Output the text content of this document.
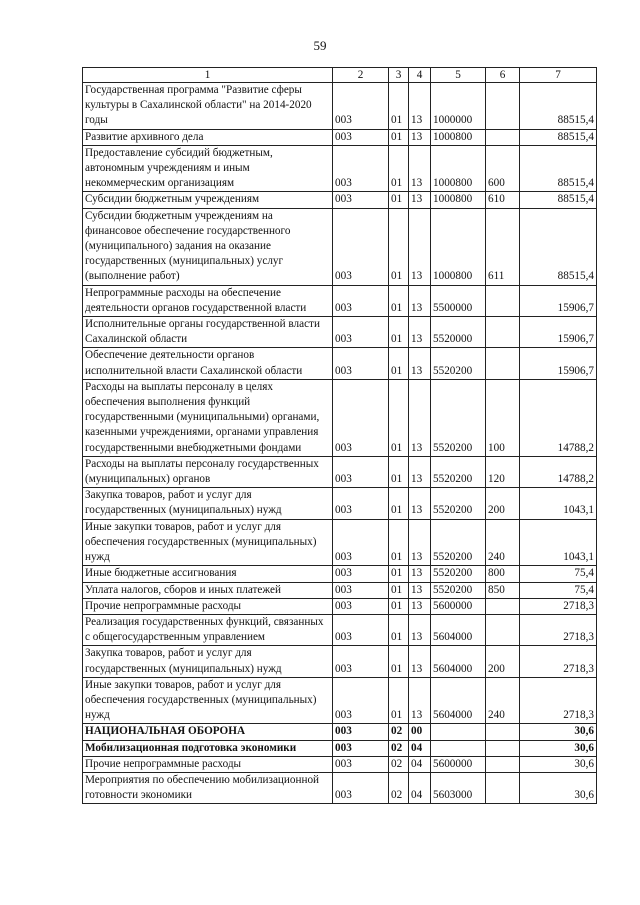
59
1	2	3	4	5	6	7
Государственная программа "Развитие сферы культуры в Сахалинской области" на 2014-2020 годы	003	01	13	1000000		88515,4
Развитие архивного дела	003	01	13	1000800		88515,4
Предоставление субсидий бюджетным, автономным учреждениям и иным некоммерческим организациям	003	01	13	1000800	600	88515,4
Субсидии бюджетным учреждениям	003	01	13	1000800	610	88515,4
Субсидии бюджетным учреждениям на финансовое обеспечение государственного (муниципального) задания на оказание государственных (муниципальных) услуг (выполнение работ)	003	01	13	1000800	611	88515,4
Непрограммные расходы на обеспечение деятельности органов государственной власти	003	01	13	5500000		15906,7
Исполнительные органы государственной власти Сахалинской области	003	01	13	5520000		15906,7
Обеспечение деятельности органов исполнительной власти Сахалинской области	003	01	13	5520200		15906,7
Расходы на выплаты персоналу в целях обеспечения выполнения функций государственными (муниципальными) органами, казенными учреждениями, органами управления государственными внебюджетными фондами	003	01	13	5520200	100	14788,2
Расходы на выплаты персоналу государственных (муниципальных) органов	003	01	13	5520200	120	14788,2
Закупка товаров, работ и услуг для государственных (муниципальных) нужд	003	01	13	5520200	200	1043,1
Иные закупки товаров, работ и услуг для обеспечения государственных (муниципальных) нужд	003	01	13	5520200	240	1043,1
Иные бюджетные ассигнования	003	01	13	5520200	800	75,4
Уплата налогов, сборов и иных платежей	003	01	13	5520200	850	75,4
Прочие непрограммные расходы	003	01	13	5600000		2718,3
Реализация государственных функций, связанных с общегосударственным управлением	003	01	13	5604000		2718,3
Закупка товаров, работ и услуг для государственных (муниципальных) нужд	003	01	13	5604000	200	2718,3
Иные закупки товаров, работ и услуг для обеспечения государственных (муниципальных) нужд	003	01	13	5604000	240	2718,3
НАЦИОНАЛЬНАЯ ОБОРОНА	003	02	00			30,6
Мобилизационная подготовка экономики	003	02	04			30,6
Прочие непрограммные расходы	003	02	04	5600000		30,6
Мероприятия по обеспечению мобилизационной готовности экономики	003	02	04	5603000		30,6
